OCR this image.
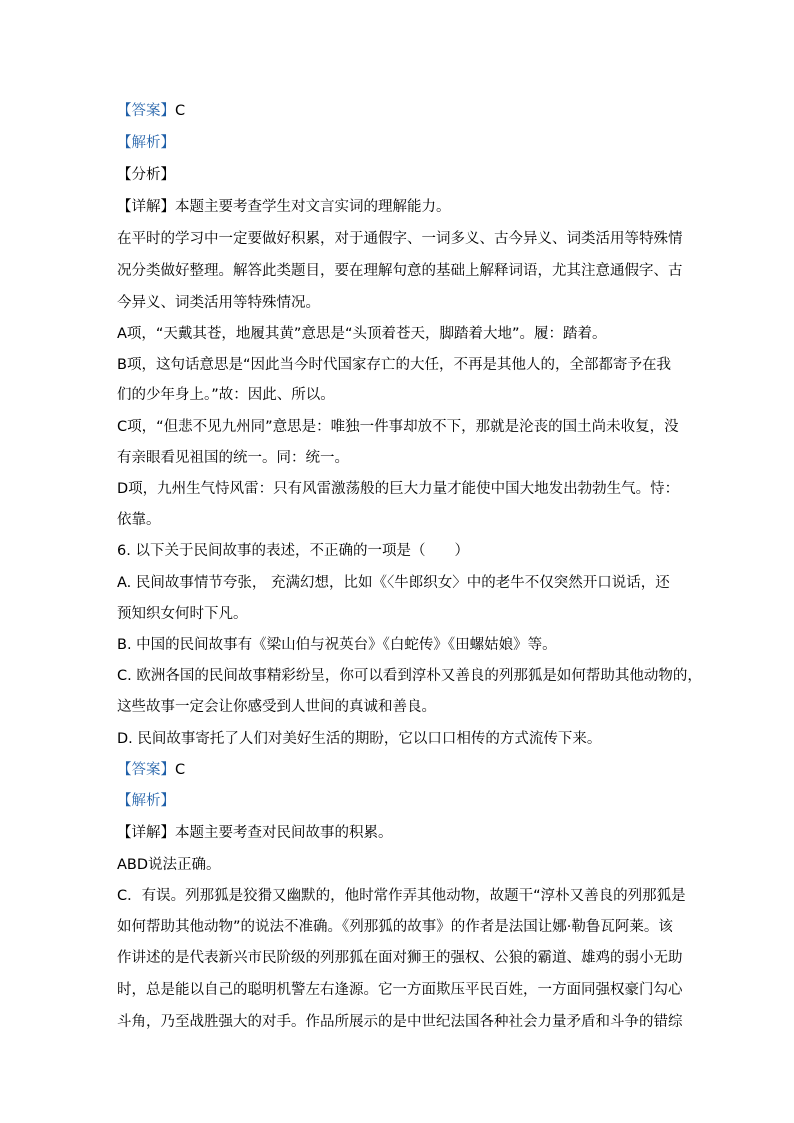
【答案】C
【解析】
【分析】
【详解】本题主要考查学生对文言实词的理解能力。
在平时的学习中一定要做好积累，对于通假字、一词多义、古今异义、词类活用等特殊情
况分类做好整理。解答此类题目，要在理解句意的基础上解释词语，尤其注意通假字、古
今异义、词类活用等特殊情况。
A项，“天戴其苍，地履其黄”意思是“头顶着苍天，脚踏着大地”。履：踏着。
B项，这句话意思是“因此当今时代国家存亡的大任，不再是其他人的，全部都寄予在我
们的少年身上。”故：因此、所以。
C项，“但悲不见九州同”意思是：唯独一件事却放不下，那就是沦丧的国土尚未收复，没
有亲眼看见祖国的统一。同：统一。
D项，九州生气恃风雷：只有风雷激荡般的巨大力量才能使中国大地发出勃勃生气。恃：
依靠。
6. 以下关于民间故事的表述，不正确的一项是（　　）
A. 民间故事情节夸张， 充满幻想，比如《〈牛郎织女〉中的老牛不仅突然开口说话，还
预知织女何时下凡。
B. 中国的民间故事有《梁山伯与祝英台》《白蛇传》《田螺姑娘》等。
C. 欧洲各国的民间故事精彩纷呈，你可以看到淳朴又善良的列那狐是如何帮助其他动物的，
这些故事一定会让你感受到人世间的真诚和善良。
D. 民间故事寄托了人们对美好生活的期盼，它以口口相传的方式流传下来。
【答案】C
【解析】
【详解】本题主要考查对民间故事的积累。
ABD说法正确。
C．有误。列那狐是狡猾又幽默的，他时常作弄其他动物，故题干“淳朴又善良的列那狐是
如何帮助其他动物”的说法不准确。《列那狐的故事》的作者是法国让娜·勒鲁瓦阿莱。该
作讲述的是代表新兴市民阶级的列那狐在面对狮王的强权、公狼的霸道、雄鸡的弱小无助
时，总是能以自己的聪明机警左右逢源。它一方面欺压平民百姓，一方面同强权豪门勾心
斗角，乃至战胜强大的对手。作品所展示的是中世纪法国各种社会力量矛盾和斗争的错综
